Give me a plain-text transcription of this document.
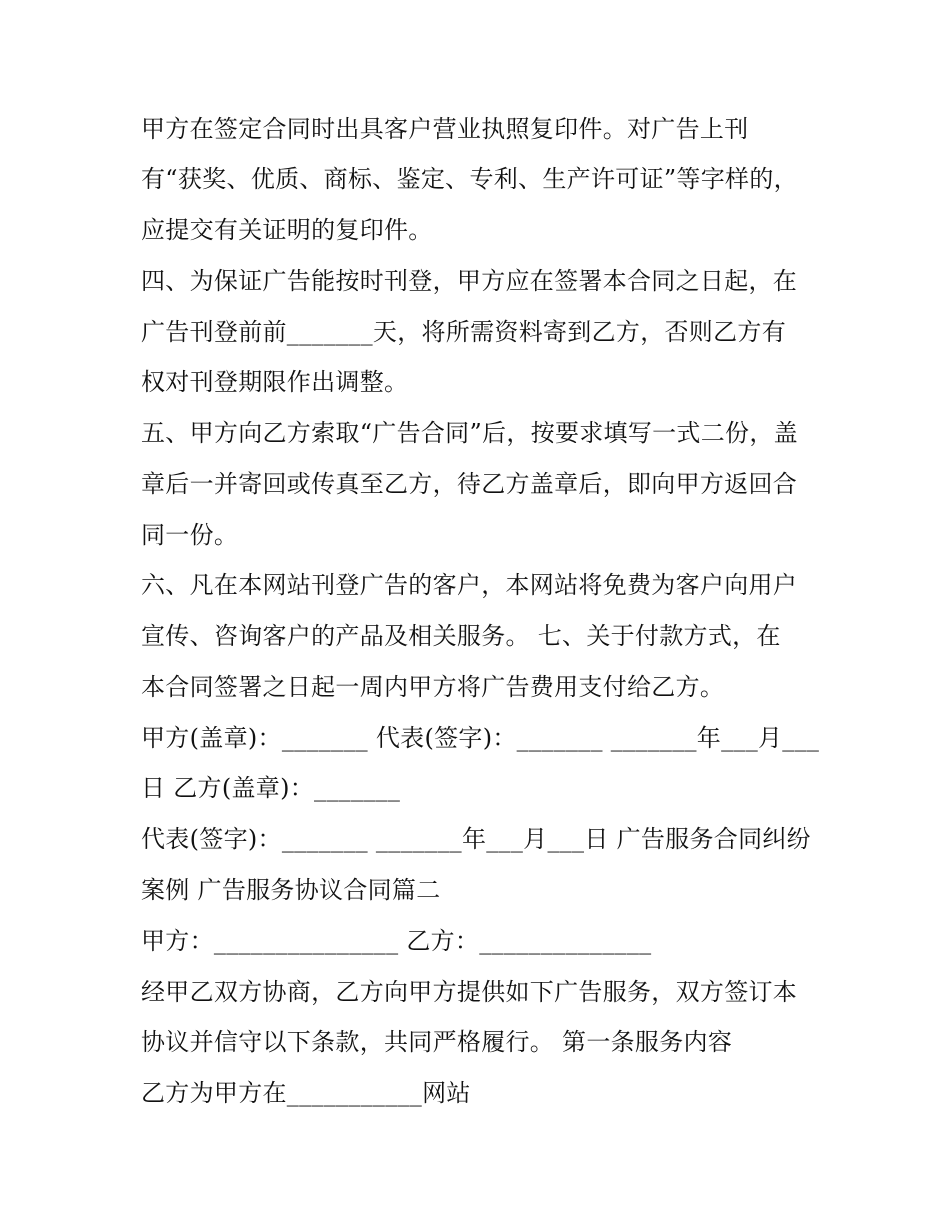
甲方在签定合同时出具客户营业执照复印件。对广告上刊
有“获奖、优质、商标、鉴定、专利、生产许可证”等字样的，
应提交有关证明的复印件。
四、为保证广告能按时刊登，甲方应在签署本合同之日起，在
广告刊登前前_______天，将所需资料寄到乙方，否则乙方有
权对刊登期限作出调整。
五、甲方向乙方索取“广告合同”后，按要求填写一式二份，盖
章后一并寄回或传真至乙方，待乙方盖章后，即向甲方返回合
同一份。
六、凡在本网站刊登广告的客户，本网站将免费为客户向用户
宣传、咨询客户的产品及相关服务。 七、关于付款方式，在
本合同签署之日起一周内甲方将广告费用支付给乙方。
甲方(盖章)：_______ 代表(签字)：_______ _______年___月___
日 乙方(盖章)：_______
代表(签字)：_______ _______年___月___日 广告服务合同纠纷
案例 广告服务协议合同篇二
甲方：_______________ 乙方：______________
经甲乙双方协商，乙方向甲方提供如下广告服务，双方签订本
协议并信守以下条款，共同严格履行。 第一条服务内容
乙方为甲方在___________网站
